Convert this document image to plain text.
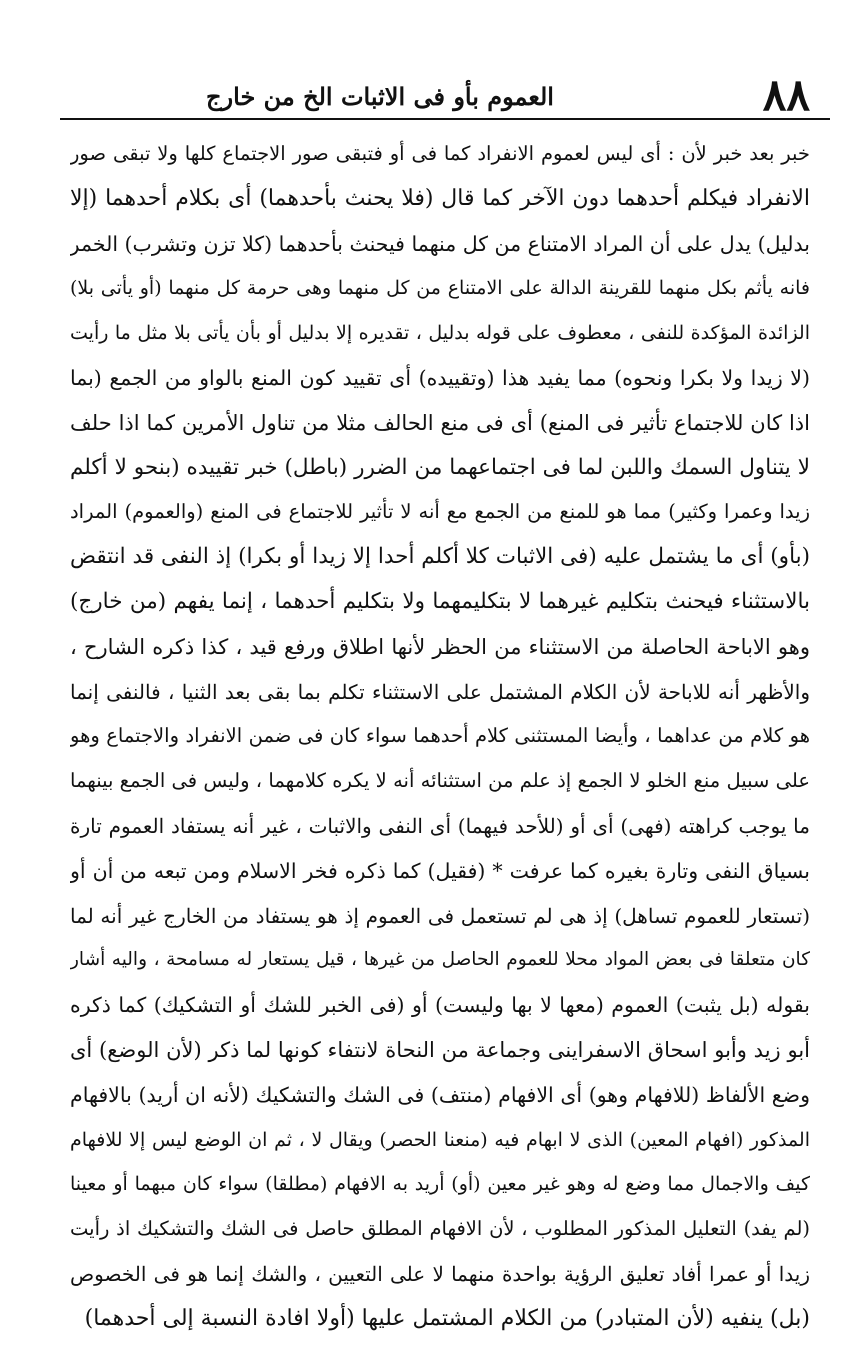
٨٨
العموم بأو فى الاثبات الخ من خارج
خبر بعد خبر لأن : أى ليس لعموم الانفراد كما فى أو فتبقى صور الاجتماع كلها ولا تبقى صور
الانفراد فيكلم أحدهما دون الآخر كما قال (فلا يحنث بأحدهما) أى بكلام أحدهما (إلا
بدليل) يدل على أن المراد الامتناع من كل منهما فيحنث بأحدهما (كلا تزن وتشرب) الخمر
فانه يأثم بكل منهما للقرينة الدالة على الامتناع من كل منهما وهى حرمة كل منهما (أو يأتى بلا)
الزائدة المؤكدة للنفى ، معطوف على قوله بدليل ، تقديره إلا بدليل أو بأن يأتى بلا مثل ما رأيت
(لا زيدا ولا بكرا ونحوه) مما يفيد هذا (وتقييده) أى تقييد كون المنع بالواو من الجمع (بما
اذا كان للاجتماع تأثير فى المنع) أى فى منع الحالف مثلا من تناول الأمرين كما اذا حلف
لا يتناول السمك واللبن لما فى اجتماعهما من الضرر (باطل) خبر تقييده (بنحو لا أكلم
زيدا وعمرا وكثير) مما هو للمنع من الجمع مع أنه لا تأثير للاجتماع فى المنع (والعموم) المراد
(بأو) أى ما يشتمل عليه (فى الاثبات كلا أكلم أحدا إلا زيدا أو بكرا) إذ النفى قد انتقض
بالاستثناء فيحنث بتكليم غيرهما لا بتكليمهما ولا بتكليم أحدهما ، إنما يفهم (من خارج)
وهو الاباحة الحاصلة من الاستثناء من الحظر لأنها اطلاق ورفع قيد ، كذا ذكره الشارح ،
والأظهر أنه للاباحة لأن الكلام المشتمل على الاستثناء تكلم بما بقى بعد الثنيا ، فالنفى إنما
هو كلام من عداهما ، وأيضا المستثنى كلام أحدهما سواء كان فى ضمن الانفراد والاجتماع وهو
على سبيل منع الخلو لا الجمع إذ علم من استثنائه أنه لا يكره كلامهما ، وليس فى الجمع بينهما
ما يوجب كراهته (فهى) أى أو (للأحد فيهما) أى النفى والاثبات ، غير أنه يستفاد العموم تارة
بسياق النفى وتارة بغيره كما عرفت * (فقيل) كما ذكره فخر الاسلام ومن تبعه من أن أو
(تستعار للعموم تساهل) إذ هى لم تستعمل فى العموم إذ هو يستفاد من الخارج غير أنه لما
كان متعلقا فى بعض المواد محلا للعموم الحاصل من غيرها ، قيل يستعار له مسامحة ، واليه أشار
بقوله (بل يثبت) العموم (معها لا بها وليست) أو (فى الخبر للشك أو التشكيك) كما ذكره
أبو زيد وأبو اسحاق الاسفراينى وجماعة من النحاة لانتفاء كونها لما ذكر (لأن الوضع) أى
وضع الألفاظ (للافهام وهو) أى الافهام (منتف) فى الشك والتشكيك (لأنه ان أريد) بالافهام
المذكور (افهام المعين) الذى لا ابهام فيه (منعنا الحصر) ويقال لا ، ثم ان الوضع ليس إلا للافهام
كيف والاجمال مما وضع له وهو غير معين (أو) أريد به الافهام (مطلقا) سواء كان مبهما أو معينا
(لم يفد) التعليل المذكور المطلوب ، لأن الافهام المطلق حاصل فى الشك والتشكيك اذ رأيت
زيدا أو عمرا أفاد تعليق الرؤية بواحدة منهما لا على التعيين ، والشك إنما هو فى الخصوص
(بل) ينفيه (لأن المتبادر) من الكلام المشتمل عليها (أولا افادة النسبة إلى أحدهما)
